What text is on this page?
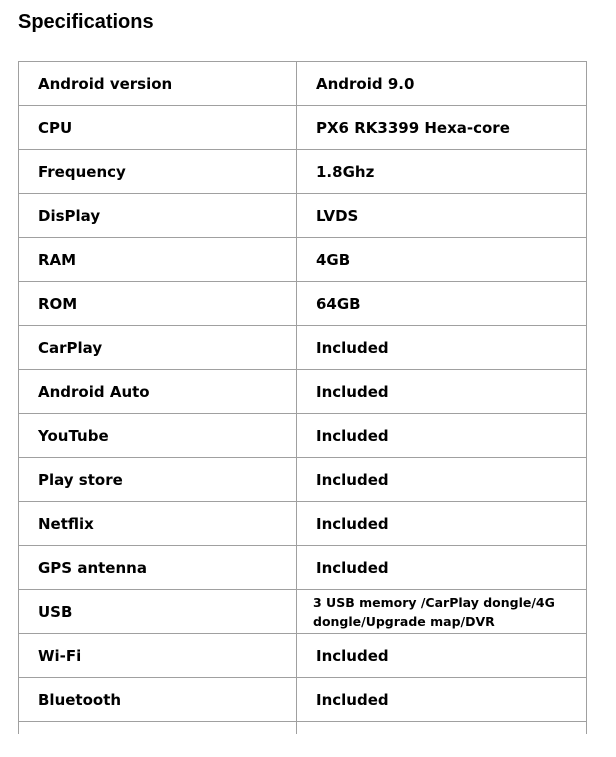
Specifications
Android version	Android 9.0
CPU	PX6 RK3399 Hexa-core
Frequency	1.8Ghz
DisPlay	LVDS
RAM	4GB
ROM	64GB
CarPlay	Included
Android Auto	Included
YouTube	Included
Play store	Included
Netflix	Included
GPS antenna	Included
USB	3 USB memory /CarPlay dongle/4G dongle/Upgrade map/DVR
Wi-Fi	Included
Bluetooth	Included
